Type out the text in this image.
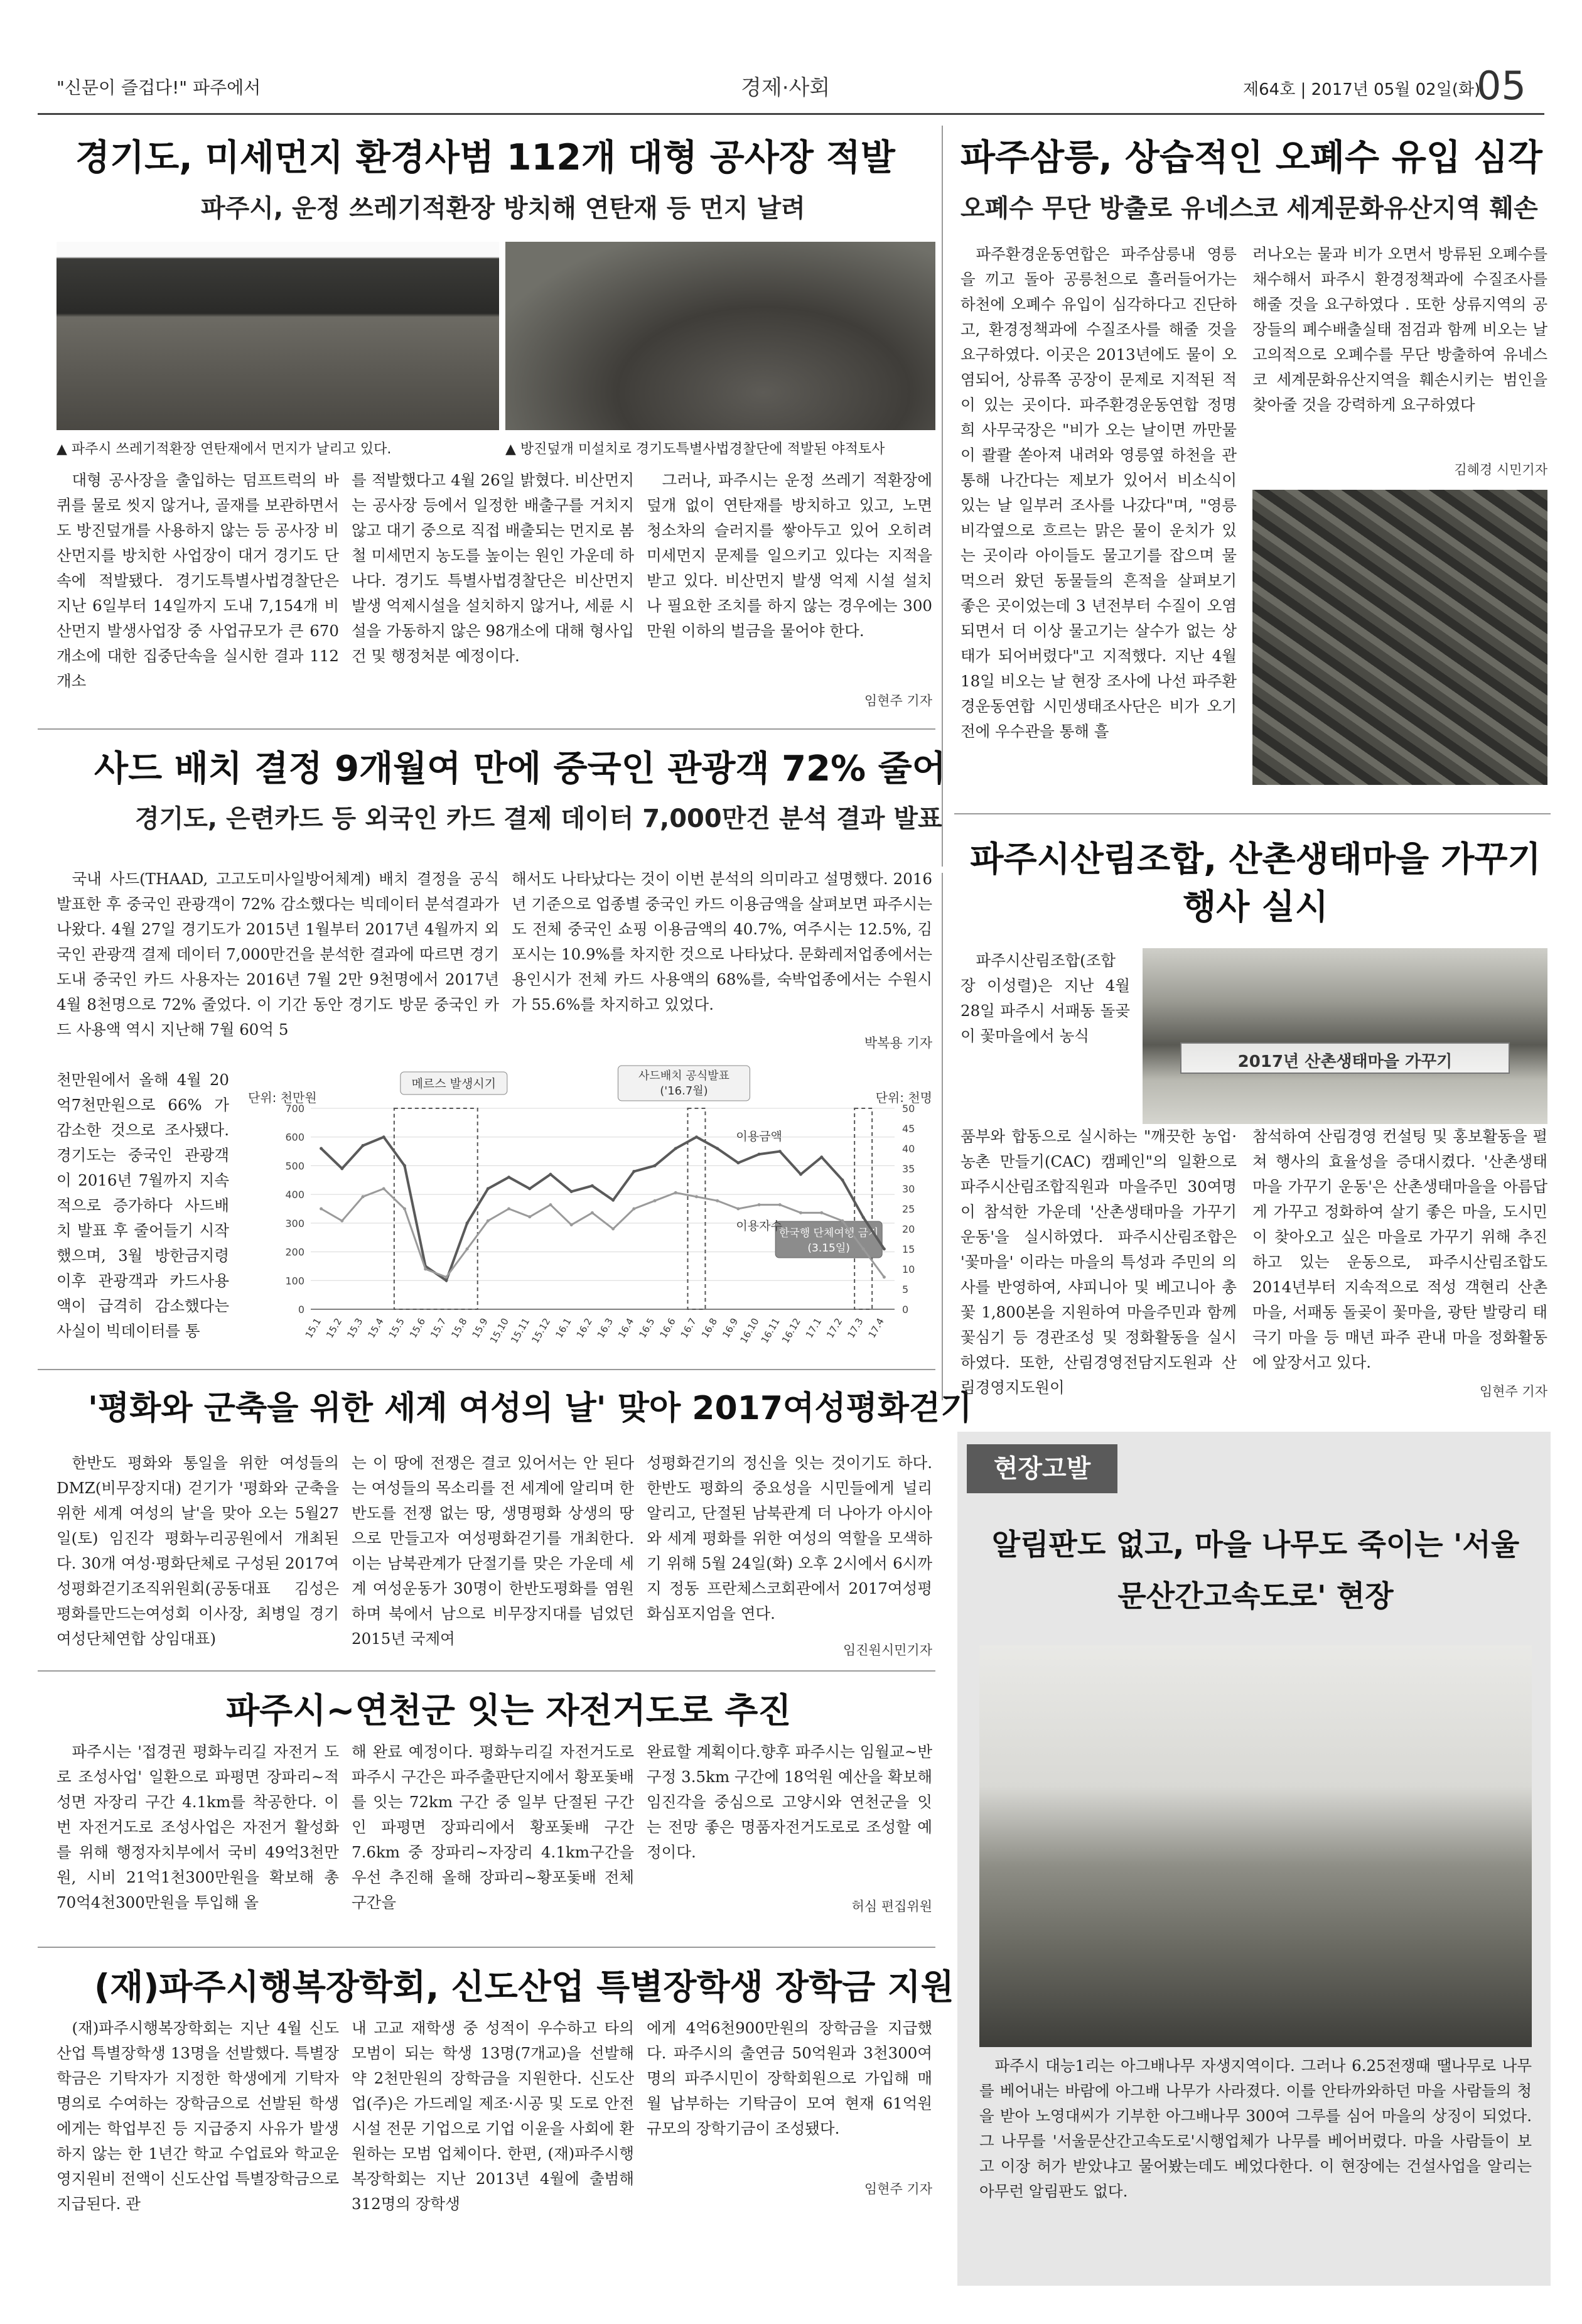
"신문이 즐겁다!" 파주에서	경제·사회	제64호 | 2017년 05월 02일(화)
05
경기도, 미세먼지 환경사범 112개 대형 공사장 적발
파주시, 운정 쓰레기적환장 방치해 연탄재 등 먼지 날려
▲ 파주시 쓰레기적환장 연탄재에서 먼지가 날리고 있다.	▲ 방진덮개 미설치로 경기도특별사법경찰단에 적발된 야적토사

대형 공사장을 출입하는 덤프트럭의 바퀴를 물로 씻지 않거나, 골재를 보관하면서도 방진덮개를 사용하지 않는 등 공사장 비산먼지를 방치한 사업장이 대거 경기도 단속에 적발됐다. 경기도특별사법경찰단은 지난 6일부터 14일까지 도내 7,154개 비산먼지 발생사업장 중 사업규모가 큰 670개소에 대한 집중단속을 실시한 결과 112개소

를 적발했다고 4월 26일 밝혔다. 비산먼지는 공사장 등에서 일정한 배출구를 거치지 않고 대기 중으로 직접 배출되는 먼지로 봄철 미세먼지 농도를 높이는 원인 가운데 하나다. 경기도 특별사법경찰단은 비산먼지 발생 억제시설을 설치하지 않거나, 세륜 시설을 가동하지 않은 98개소에 대해 형사입건 및 행정처분 예정이다.

그러나, 파주시는 운정 쓰레기 적환장에 덮개 없이 연탄재를 방치하고 있고, 노면 청소차의 슬러지를 쌓아두고 있어 오히려 미세먼지 문제를 일으키고 있다는 지적을 받고 있다. 비산먼지 발생 억제 시설 설치나 필요한 조치를 하지 않는 경우에는 300만원 이하의 벌금을 물어야 한다.

임현주 기자
파주삼릉, 상습적인 오폐수 유입 심각
오폐수 무단 방출로 유네스코 세계문화유산지역 훼손

파주환경운동연합은 파주삼릉내 영릉을 끼고 돌아 공릉천으로 흘러들어가는 하천에 오폐수 유입이 심각하다고 진단하고, 환경정책과에 수질조사를 해줄 것을 요구하였다. 이곳은 2013년에도 물이 오염되어, 상류쪽 공장이 문제로 지적된 적이 있는 곳이다. 파주환경운동연합 정명희 사무국장은 "비가 오는 날이면 까만물이 콸콸 쏟아져 내려와 영릉옆 하천을 관통해 나간다는 제보가 있어서 비소식이 있는 날 일부러 조사를 나갔다"며, "영릉 비각옆으로 흐르는 맑은 물이 운치가 있는 곳이라 아이들도 물고기를 잡으며 물 먹으러 왔던 동물들의 흔적을 살펴보기 좋은 곳이었는데 3 년전부터 수질이 오염되면서 더 이상 물고기는 살수가 없는 상태가 되어버렸다"고 지적했다. 지난 4월 18일 비오는 날 현장 조사에 나선 파주환경운동연합 시민생태조사단은 비가 오기 전에 우수관을 통해 흘

러나오는 물과 비가 오면서 방류된 오폐수를 채수해서 파주시 환경정책과에 수질조사를 해줄 것을 요구하였다 . 또한 상류지역의 공장들의 폐수배출실태 점검과 함께 비오는 날 고의적으로 오폐수를 무단 방출하여 유네스코 세계문화유산지역을 훼손시키는 범인을 찾아줄 것을 강력하게 요구하였다

김혜경 시민기자
사드 배치 결정 9개월여 만에 중국인 관광객 72% 줄어
경기도, 은련카드 등 외국인 카드 결제 데이터 7,000만건 분석 결과 발표

국내 사드(THAAD, 고고도미사일방어체계) 배치 결정을 공식 발표한 후 중국인 관광객이 72% 감소했다는 빅데이터 분석결과가 나왔다. 4월 27일 경기도가 2015년 1월부터 2017년 4월까지 외국인 관광객 결제 데이터 7,000만건을 분석한 결과에 따르면 경기도내 중국인 카드 사용자는 2016년 7월 2만 9천명에서 2017년 4월 8천명으로 72% 줄었다. 이 기간 동안 경기도 방문 중국인 카드 사용액 역시 지난해 7월 60억 5

천만원에서 올해 4월 20억7천만원으로 66% 가 감소한 것으로 조사됐다. 경기도는 중국인 관광객이 2016년 7월까지 지속적으로 증가하다 사드배치 발표 후 줄어들기 시작했으며, 3월 방한금지령 이후 관광객과 카드사용액이 급격히 감소했다는 사실이 빅데이터를 통

해서도 나타났다는 것이 이번 분석의 의미라고 설명했다. 2016년 기준으로 업종별 중국인 카드 이용금액을 살펴보면 파주시는 도 전체 중국인 쇼핑 이용금액의 40.7%, 여주시는 12.5%, 김포시는 10.9%를 차지한 것으로 나타났다. 문화레저업종에서는 용인시가 전체 카드 사용액의 68%를, 숙박업종에서는 수원시가 55.6%를 차지하고 있었다.

박복용 기자
단위: 천만원	단위: 천명
0
100
200
300
400
500
600
700
0
5
10
15
20
25
30
35
40
45
50
15.1 15.2 15.3 15.4 15.5 15.6 15.7 15.8 15.9
15.10
15.11
15.12 16.1 16.2 16.3 16.4 16.5 16.6 16.7 16.8 16.9
16.10
16.11
16.12 17.1 17.2 17.3 17.4
메르스 발생시기
사드배치 공식발표
('16.7월)
한국행 단체여행 금지
(3.15일)
이용금액
이용자수
'평화와 군축을 위한 세계 여성의 날' 맞아 2017여성평화걷기

한반도 평화와 통일을 위한 여성들의 DMZ(비무장지대) 걷기가 '평화와 군축을 위한 세계 여성의 날'을 맞아 오는 5월27일(토) 임진각 평화누리공원에서 개최된다. 30개 여성·평화단체로 구성된 2017여성평화걷기조직위원회(공동대표 김성은 평화를만드는여성회 이사장, 최병일 경기여성단체연합 상임대표)

는 이 땅에 전쟁은 결코 있어서는 안 된다는 여성들의 목소리를 전 세계에 알리며 한반도를 전쟁 없는 땅, 생명평화 상생의 땅으로 만들고자 여성평화걷기를 개최한다. 이는 남북관계가 단절기를 맞은 가운데 세계 여성운동가 30명이 한반도평화를 염원하며 북에서 남으로 비무장지대를 넘었던 2015년 국제여

성평화걷기의 정신을 잇는 것이기도 하다. 한반도 평화의 중요성을 시민들에게 널리 알리고, 단절된 남북관계 더 나아가 아시아와 세계 평화를 위한 여성의 역할을 모색하기 위해 5월 24일(화) 오후 2시에서 6시까지 정동 프란체스코회관에서 2017여성평화심포지엄을 연다.

임진원시민기자
파주시~연천군 잇는 자전거도로 추진

파주시는 '접경권 평화누리길 자전거 도로 조성사업' 일환으로 파평면 장파리~적성면 자장리 구간 4.1km를 착공한다. 이번 자전거도로 조성사업은 자전거 활성화를 위해 행정자치부에서 국비 49억3천만원, 시비 21억1천300만원을 확보해 총 70억4천300만원을 투입해 올

해 완료 예정이다. 평화누리길 자전거도로 파주시 구간은 파주출판단지에서 황포돛배를 잇는 72km 구간 중 일부 단절된 구간인 파평면 장파리에서 황포돛배 구간 7.6km 중 장파리~자장리 4.1km구간을 우선 추진해 올해 장파리~황포돛배 전체 구간을

완료할 계획이다.향후 파주시는 임월교~반구정 3.5km 구간에 18억원 예산을 확보해 임진각을 중심으로 고양시와 연천군을 잇는 전망 좋은 명품자전거도로로 조성할 예정이다.

허심 편집위원
(재)파주시행복장학회, 신도산업 특별장학생 장학금 지원

(재)파주시행복장학회는 지난 4월 신도산업 특별장학생 13명을 선발했다. 특별장학금은 기탁자가 지정한 학생에게 기탁자 명의로 수여하는 장학금으로 선발된 학생에게는 학업부진 등 지급중지 사유가 발생하지 않는 한 1년간 학교 수업료와 학교운영지원비 전액이 신도산업 특별장학금으로 지급된다. 관

내 고교 재학생 중 성적이 우수하고 타의 모범이 되는 학생 13명(7개교)을 선발해 약 2천만원의 장학금을 지원한다. 신도산업(주)은 가드레일 제조·시공 및 도로 안전시설 전문 기업으로 기업 이윤을 사회에 환원하는 모범 업체이다. 한편, (재)파주시행복장학회는 지난 2013년 4월에 출범해 312명의 장학생

에게 4억6천900만원의 장학금을 지급했다. 파주시의 출연금 50억원과 3천300여명의 파주시민이 장학회원으로 가입해 매월 납부하는 기탁금이 모여 현재 61억원 규모의 장학기금이 조성됐다.

임현주 기자
파주시산림조합, 산촌생태마을 가꾸기 행사 실시

파주시산림조합(조합장 이성렬)은 지난 4월 28일 파주시 서패동 돌곶이 꽃마을에서 농식

2017년 산촌생태마을 가꾸기

품부와 합동으로 실시하는 "깨끗한 농업·농촌 만들기(CAC) 캠페인"의 일환으로 파주시산림조합직원과 마을주민 30여명이 참석한 가운데 '산촌생태마을 가꾸기 운동'을 실시하였다. 파주시산림조합은 '꽃마을' 이라는 마을의 특성과 주민의 의사를 반영하여, 샤피니아 및 베고니아 총 꽃 1,800본을 지원하여 마을주민과 함께 꽃심기 등 경관조성 및 정화활동을 실시하였다. 또한, 산림경영전담지도원과 산림경영지도원이

참석하여 산림경영 컨설팅 및 홍보활동을 펼쳐 행사의 효율성을 증대시켰다. '산촌생태마을 가꾸기 운동'은 산촌생태마을을 아름답게 가꾸고 정화하여 살기 좋은 마을, 도시민이 찾아오고 싶은 마을로 가꾸기 위해 추진하고 있는 운동으로, 파주시산림조합도 2014년부터 지속적으로 적성 객현리 산촌마을, 서패동 돌곶이 꽃마을, 광탄 발랑리 태극기 마을 등 매년 파주 관내 마을 정화활동에 앞장서고 있다.

임현주 기자
현장고발
알림판도 없고, 마을 나무도 죽이는 '서울문산간고속도로' 현장

파주시 대능1리는 아그배나무 자생지역이다. 그러나 6.25전쟁때 땔나무로 나무를 베어내는 바람에 아그배 나무가 사라졌다. 이를 안타까와하던 마을 사람들의 청을 받아 노영대씨가 기부한 아그배나무 300여 그루를 심어 마을의 상징이 되었다. 그 나무를 '서울문산간고속도로'시행업체가 나무를 베어버렸다. 마을 사람들이 보고 이장 허가 받았냐고 물어봤는데도 베었다한다. 이 현장에는 건설사업을 알리는 아무런 알림판도 없다.
